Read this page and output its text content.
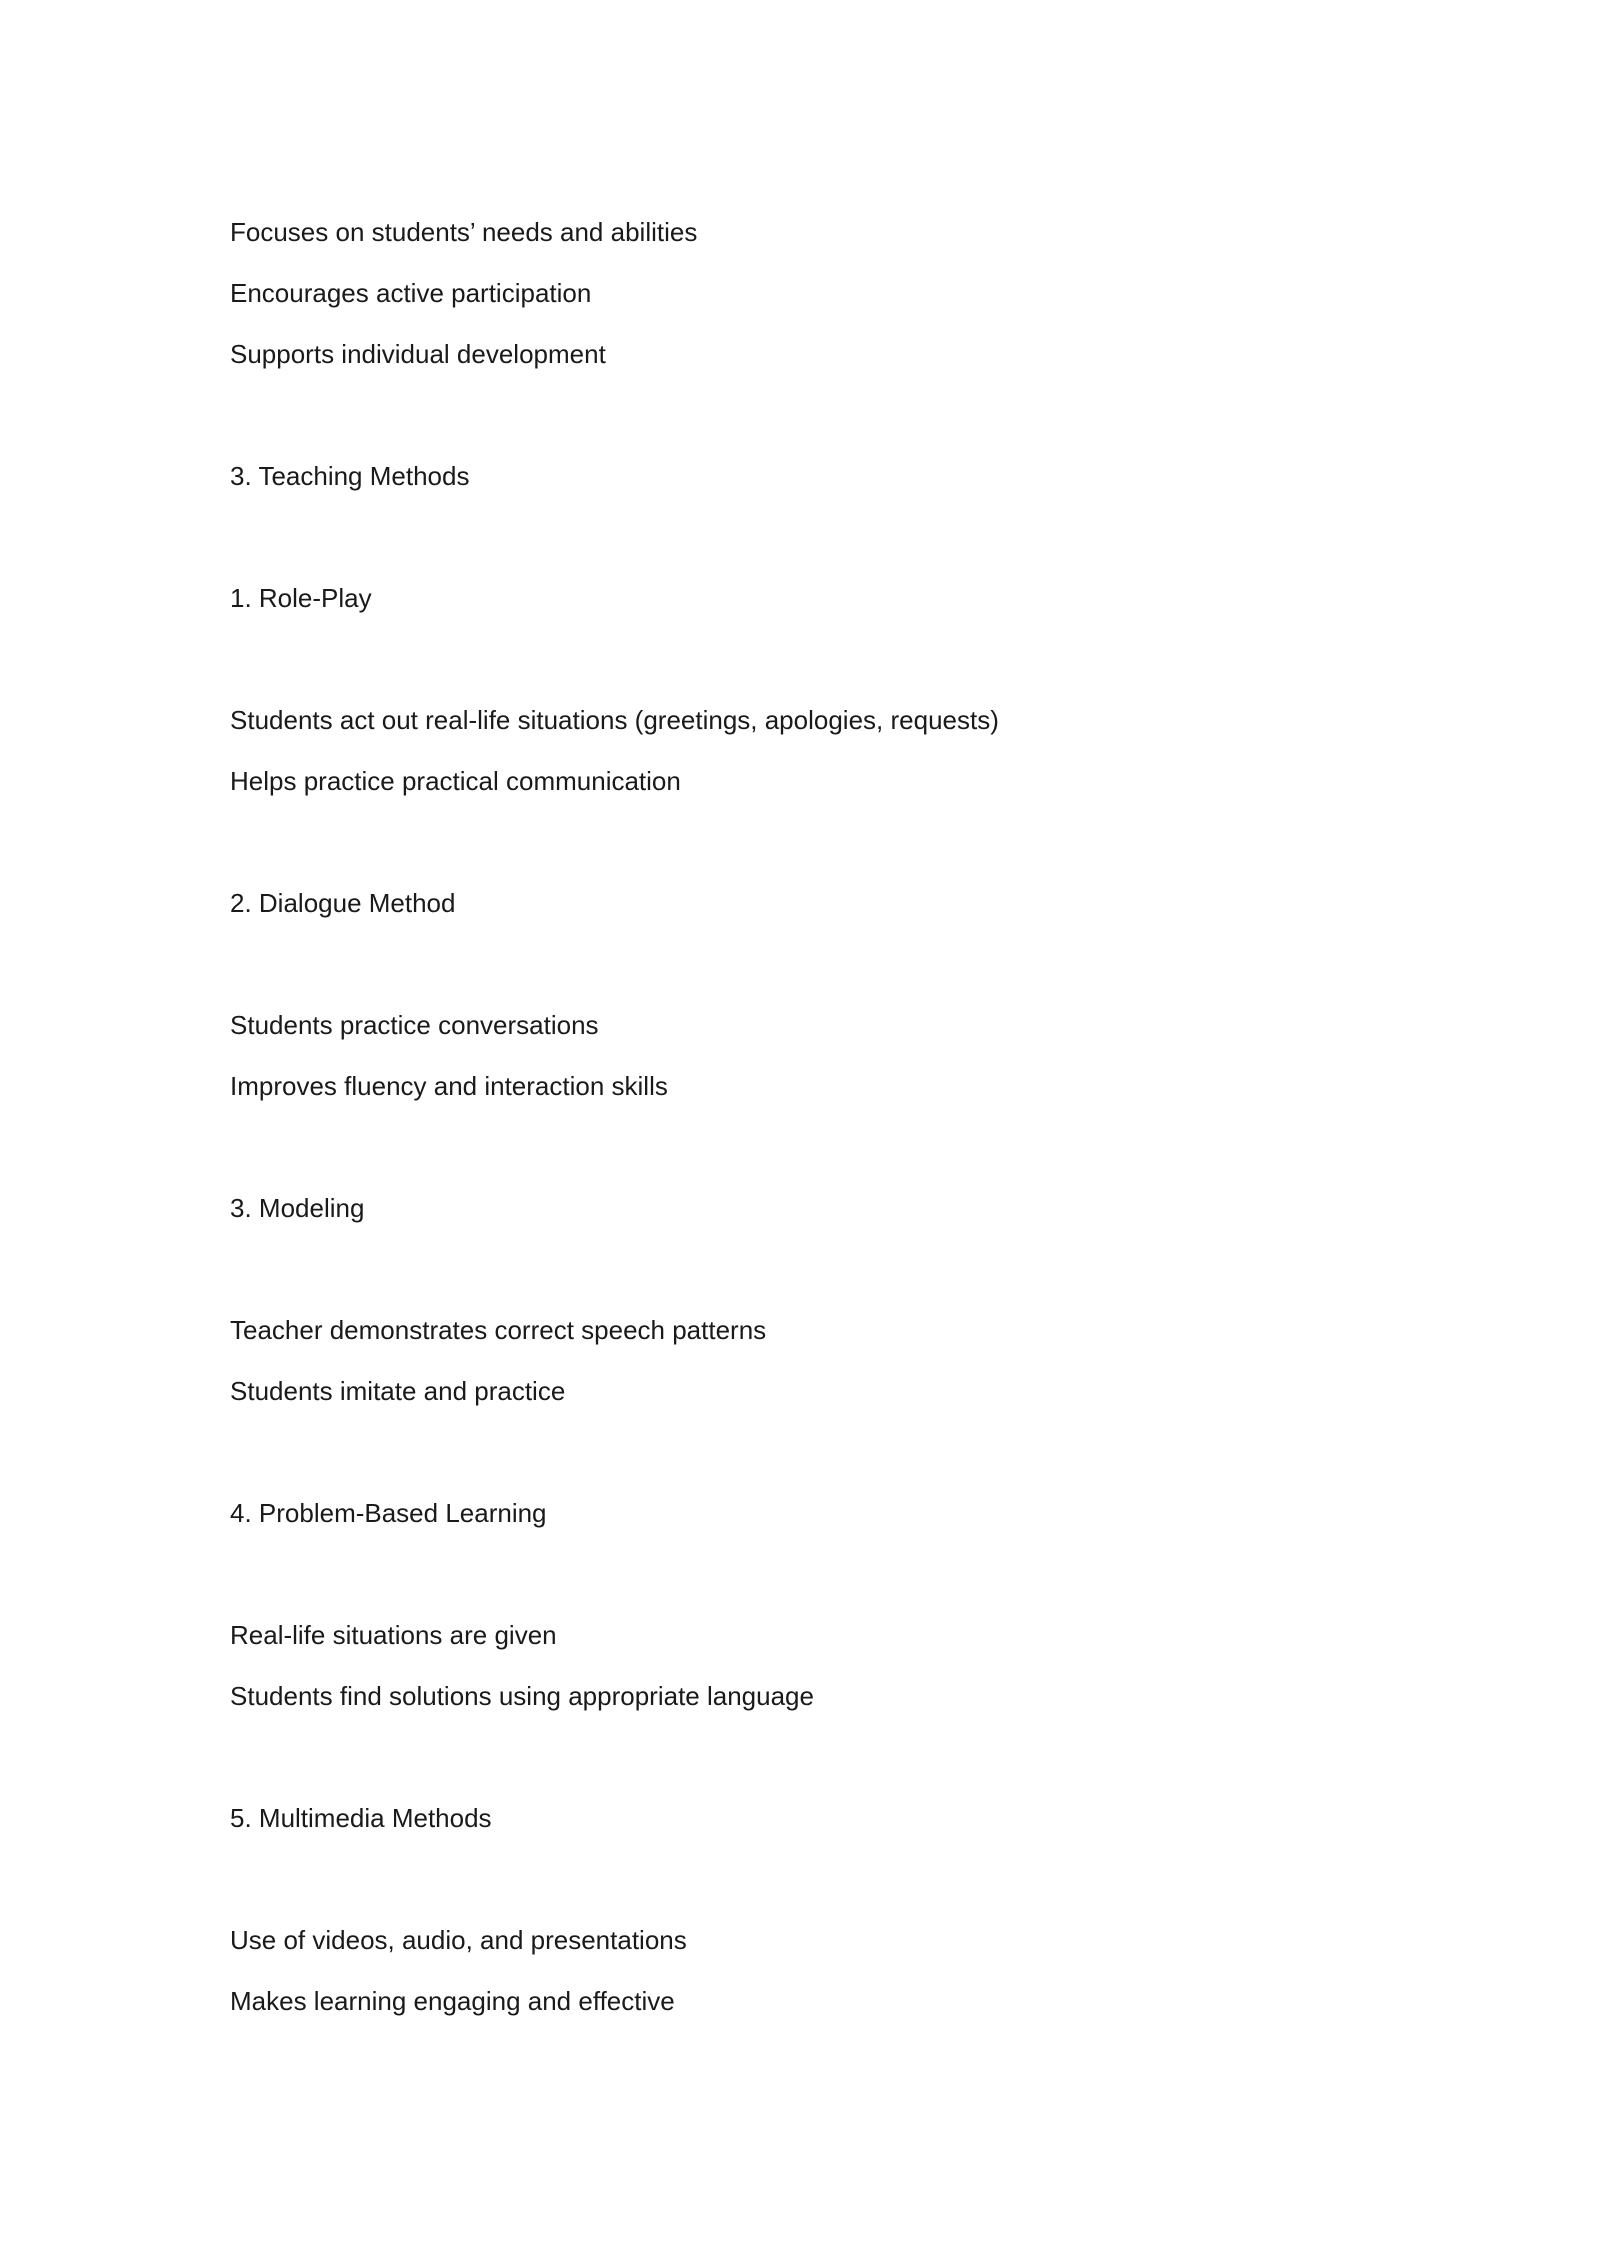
Focuses on students’ needs and abilities

Encourages active participation

Supports individual development

3. Teaching Methods

1. Role-Play

Students act out real-life situations (greetings, apologies, requests)

Helps practice practical communication

2. Dialogue Method

Students practice conversations

Improves fluency and interaction skills

3. Modeling

Teacher demonstrates correct speech patterns

Students imitate and practice

4. Problem-Based Learning

Real-life situations are given

Students find solutions using appropriate language

5. Multimedia Methods

Use of videos, audio, and presentations

Makes learning engaging and effective
